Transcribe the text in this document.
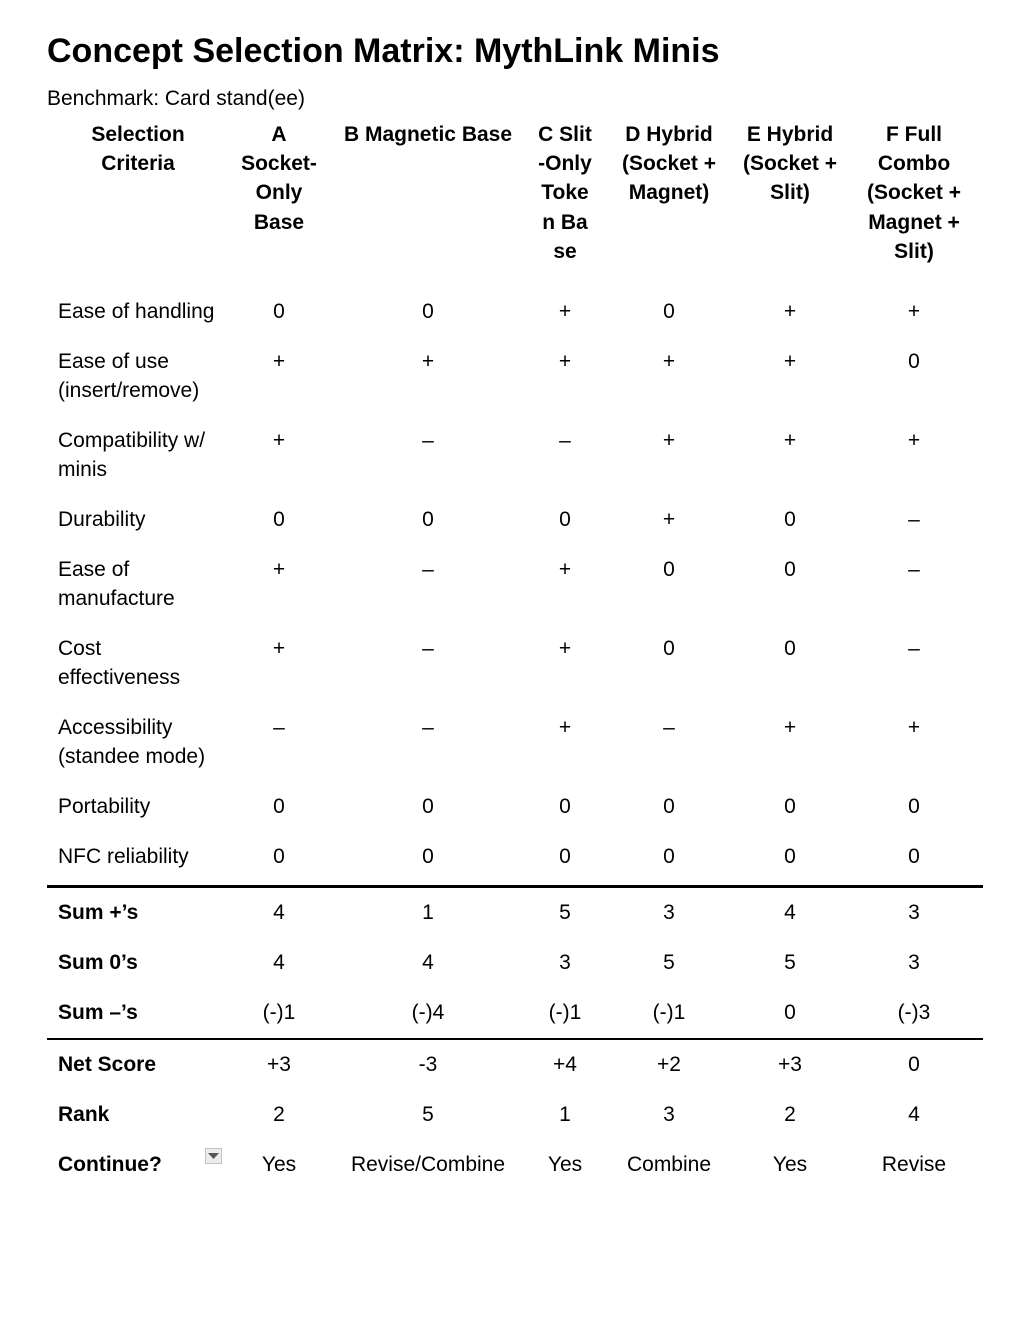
Concept Selection Matrix: MythLink Minis
Benchmark: Card stand(ee)
Selection Criteria	A Socket-Only Base	B Magnetic Base	C Slit-Only Token Base	D Hybrid (Socket + Magnet)	E Hybrid (Socket + Slit)	F Full Combo (Socket + Magnet + Slit)

Ease of handling	0	0	+	0	+	+
Ease of use (insert/remove)	+	+	+	+	+	0
Compatibility w/ minis	+	–	–	+	+	+
Durability	0	0	0	+	0	–
Ease of manufacture	+	–	+	0	0	–
Cost effectiveness	+	–	+	0	0	–
Accessibility (standee mode)	–	–	+	–	+	+
Portability	0	0	0	0	0	0
NFC reliability	0	0	0	0	0	0
Sum +’s	4	1	5	3	4	3
Sum 0’s	4	4	3	5	5	3
Sum –’s	(-)1	(-)4	(-)1	(-)1	0	(-)3
Net Score	+3	-3	+4	+2	+3	0
Rank	2	5	1	3	2	4
Continue?	Yes	Revise/Combine	Yes	Combine	Yes	Revise
